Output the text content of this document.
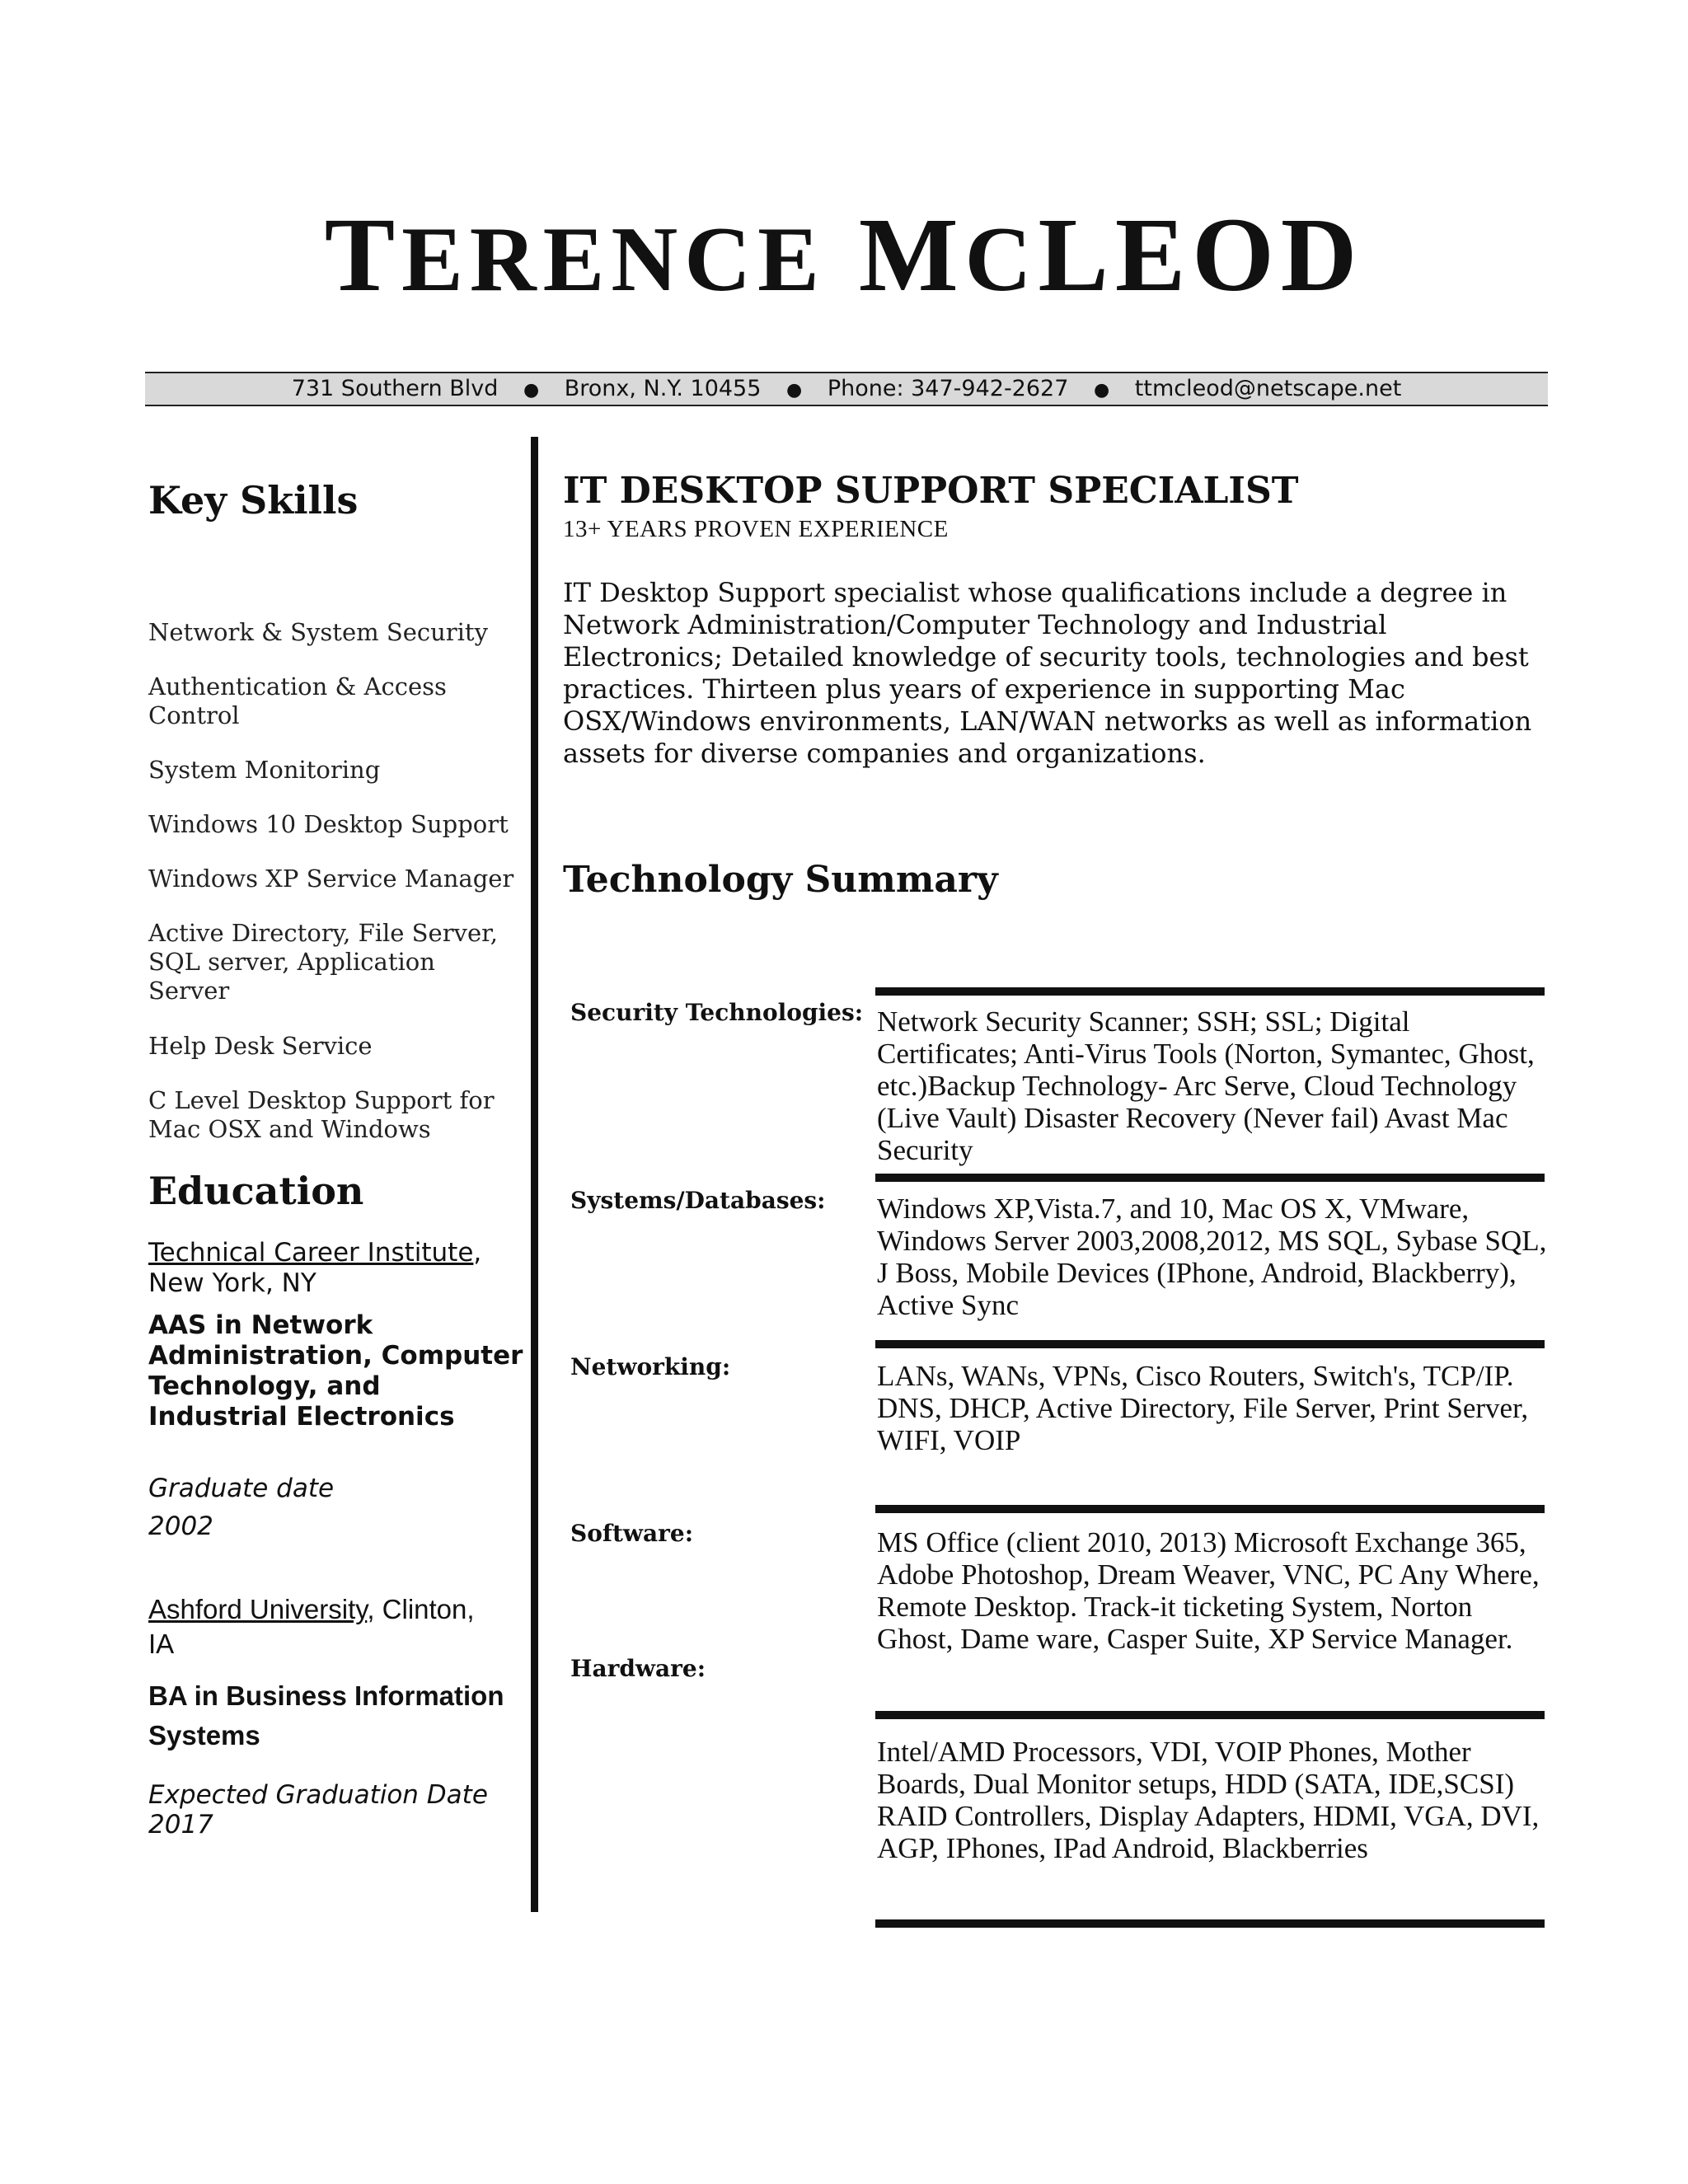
TERENCE MCLEOD
731 Southern Blvd ● Bronx, N.Y. 10455 ● Phone: 347-942-2627 ● ttmcleod@netscape.net
Key Skills
Network & System Security
Authentication & Access Control
System Monitoring
Windows 10 Desktop Support
Windows XP Service Manager
Active Directory, File Server, SQL server, Application Server
Help Desk Service
C Level Desktop Support for Mac OSX and Windows
Education
Technical Career Institute,
New York, NY
AAS in Network Administration, Computer Technology, and Industrial Electronics
Graduate date
2002
Ashford University, Clinton,
IA
BA in Business Information Systems
Expected Graduation Date
2017
IT DESKTOP SUPPORT SPECIALIST
13+ YEARS PROVEN EXPERIENCE
IT Desktop Support specialist whose qualifications include a degree in Network Administration/Computer Technology and Industrial Electronics; Detailed knowledge of security tools, technologies and best practices. Thirteen plus years of experience in supporting Mac OSX/Windows environments, LAN/WAN networks as well as information assets for diverse companies and organizations.
Technology Summary
Security Technologies: Network Security Scanner; SSH; SSL; Digital Certificates; Anti-Virus Tools (Norton, Symantec, Ghost, etc.)Backup Technology- Arc Serve, Cloud Technology (Live Vault) Disaster Recovery (Never fail) Avast Mac Security
Systems/Databases: Windows XP,Vista.7, and 10, Mac OS X, VMware, Windows Server 2003,2008,2012, MS SQL, Sybase SQL, J Boss, Mobile Devices (IPhone, Android, Blackberry), Active Sync
Networking:	LANs, WANs, VPNs, Cisco Routers, Switch's, TCP/IP. DNS, DHCP, Active Directory, File Server, Print Server, WIFI, VOIP
Software:	MS Office (client 2010, 2013) Microsoft Exchange 365, Adobe Photoshop, Dream Weaver, VNC, PC Any Where, Remote Desktop. Track-it ticketing System, Norton Ghost, Dame ware, Casper Suite, XP Service Manager.
Hardware:
Intel/AMD Processors, VDI, VOIP Phones, Mother Boards, Dual Monitor setups, HDD (SATA, IDE,SCSI) RAID Controllers, Display Adapters, HDMI, VGA, DVI, AGP, IPhones, IPad Android, Blackberries
